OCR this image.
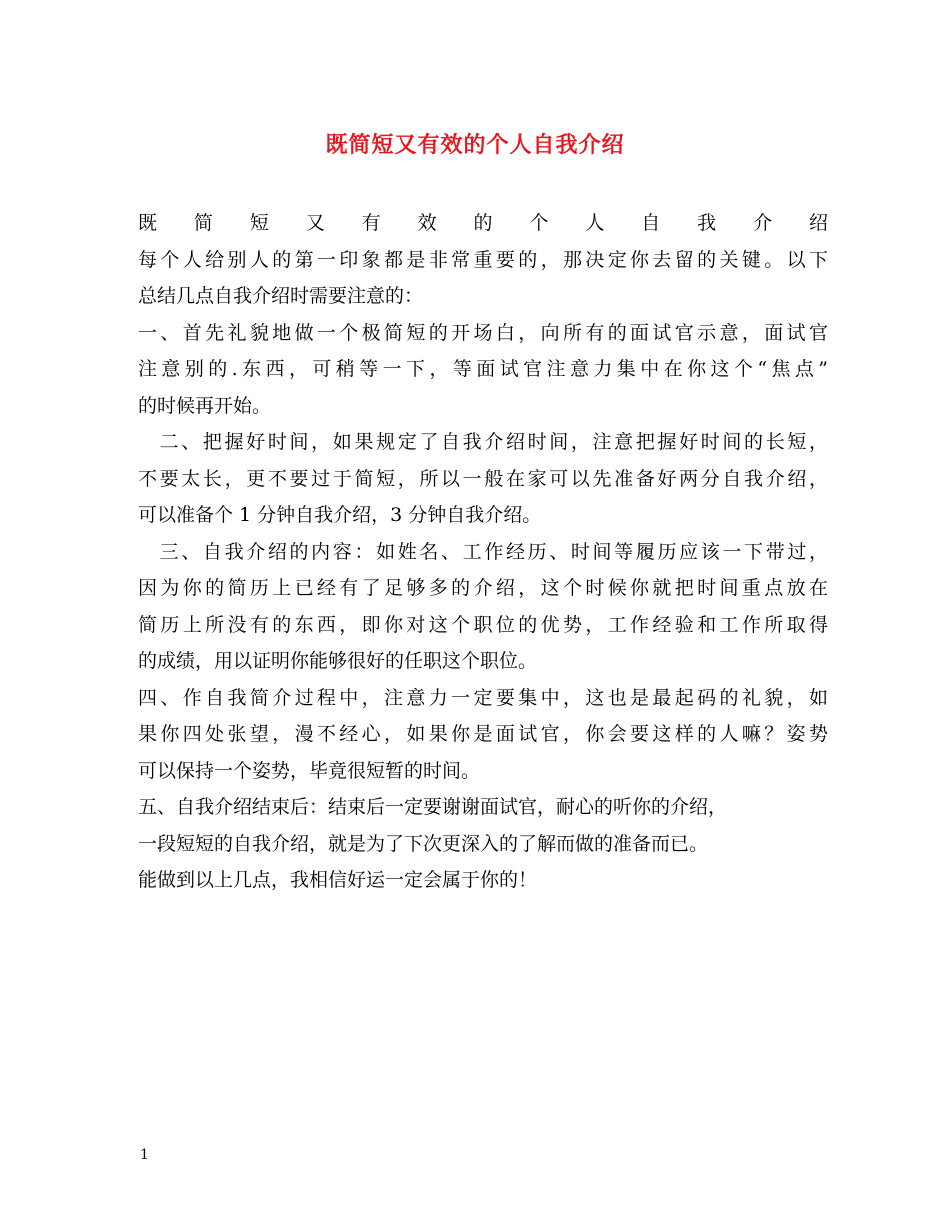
既简短又有效的个人自我介绍
既简短又有效的个人自我介绍
每个人给别人的第一印象都是非常重要的，那决定你去留的关键。以下
总结几点自我介绍时需要注意的：
一、首先礼貌地做一个极简短的开场白，向所有的面试官示意，面试官
注意别的.东西，可稍等一下，等面试官注意力集中在你这个“焦点”
的时候再开始。
　二、把握好时间，如果规定了自我介绍时间，注意把握好时间的长短，
不要太长，更不要过于简短，所以一般在家可以先准备好两分自我介绍，
可以准备个 1 分钟自我介绍，3 分钟自我介绍。
　三、自我介绍的内容：如姓名、工作经历、时间等履历应该一下带过，
因为你的简历上已经有了足够多的介绍，这个时候你就把时间重点放在
简历上所没有的东西，即你对这个职位的优势，工作经验和工作所取得
的成绩，用以证明你能够很好的任职这个职位。
四、作自我简介过程中，注意力一定要集中，这也是最起码的礼貌，如
果你四处张望，漫不经心，如果你是面试官，你会要这样的人嘛？姿势
可以保持一个姿势，毕竟很短暂的时间。
五、自我介绍结束后：结束后一定要谢谢面试官，耐心的听你的介绍，
一段短短的自我介绍，就是为了下次更深入的了解而做的准备而已。
能做到以上几点，我相信好运一定会属于你的！
1
